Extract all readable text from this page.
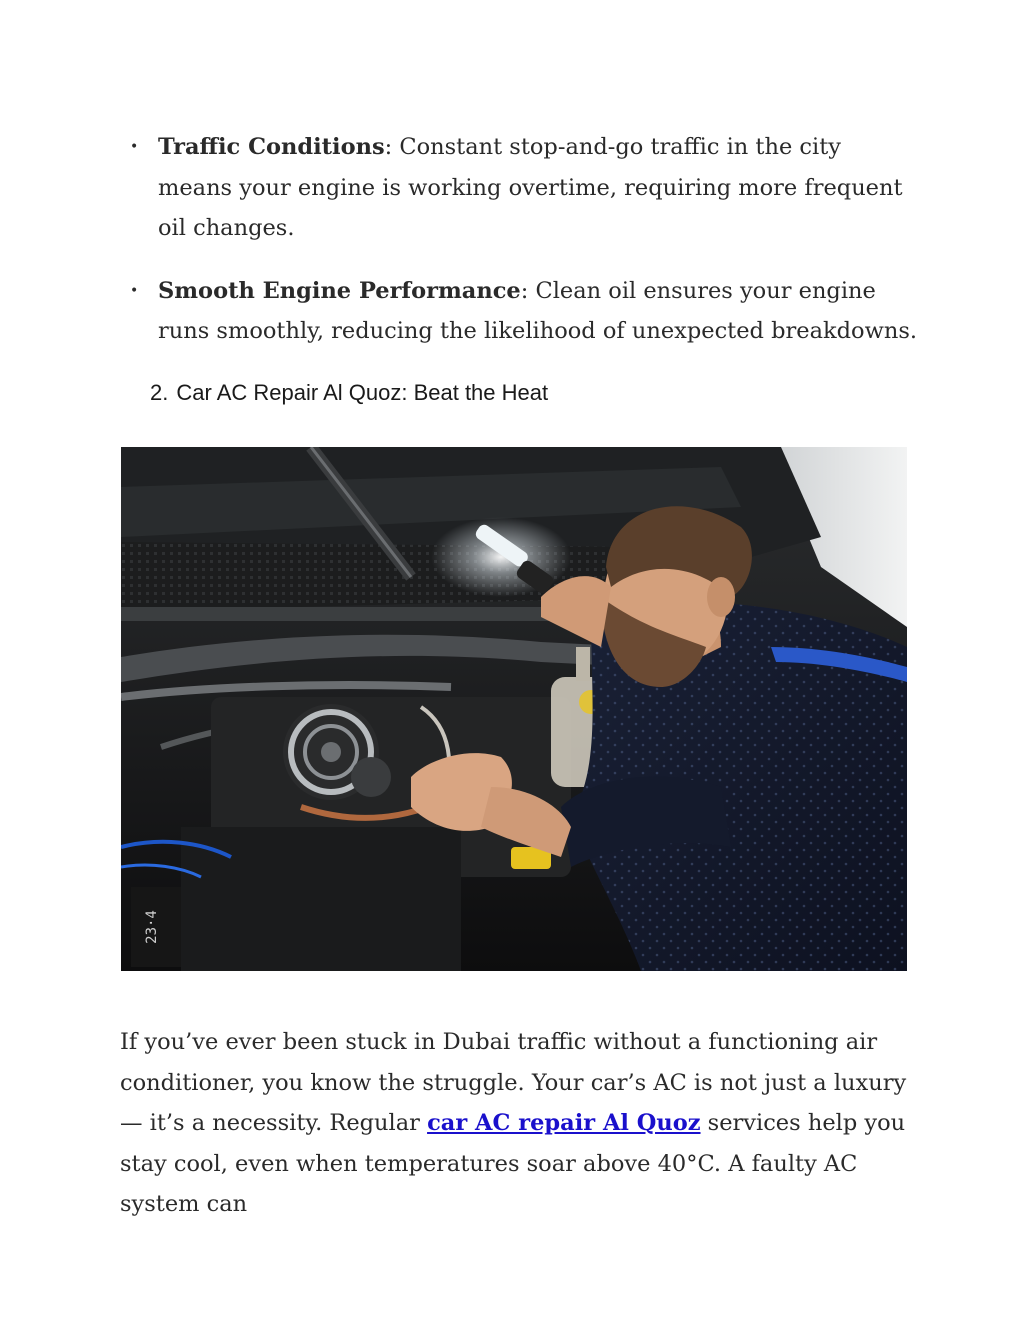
• Traffic Conditions: Constant stop-and-go traffic in the city means your engine is working overtime, requiring more frequent oil changes.
• Smooth Engine Performance: Clean oil ensures your engine runs smoothly, reducing the likelihood of unexpected breakdowns.
2. Car AC Repair Al Quoz: Beat the Heat
23·4

If you’ve ever been stuck in Dubai traffic without a functioning air conditioner, you know the struggle. Your car’s AC is not just a luxury — it’s a necessity. Regular car AC repair Al Quoz services help you stay cool, even when temperatures soar above 40°C. A faulty AC system can
